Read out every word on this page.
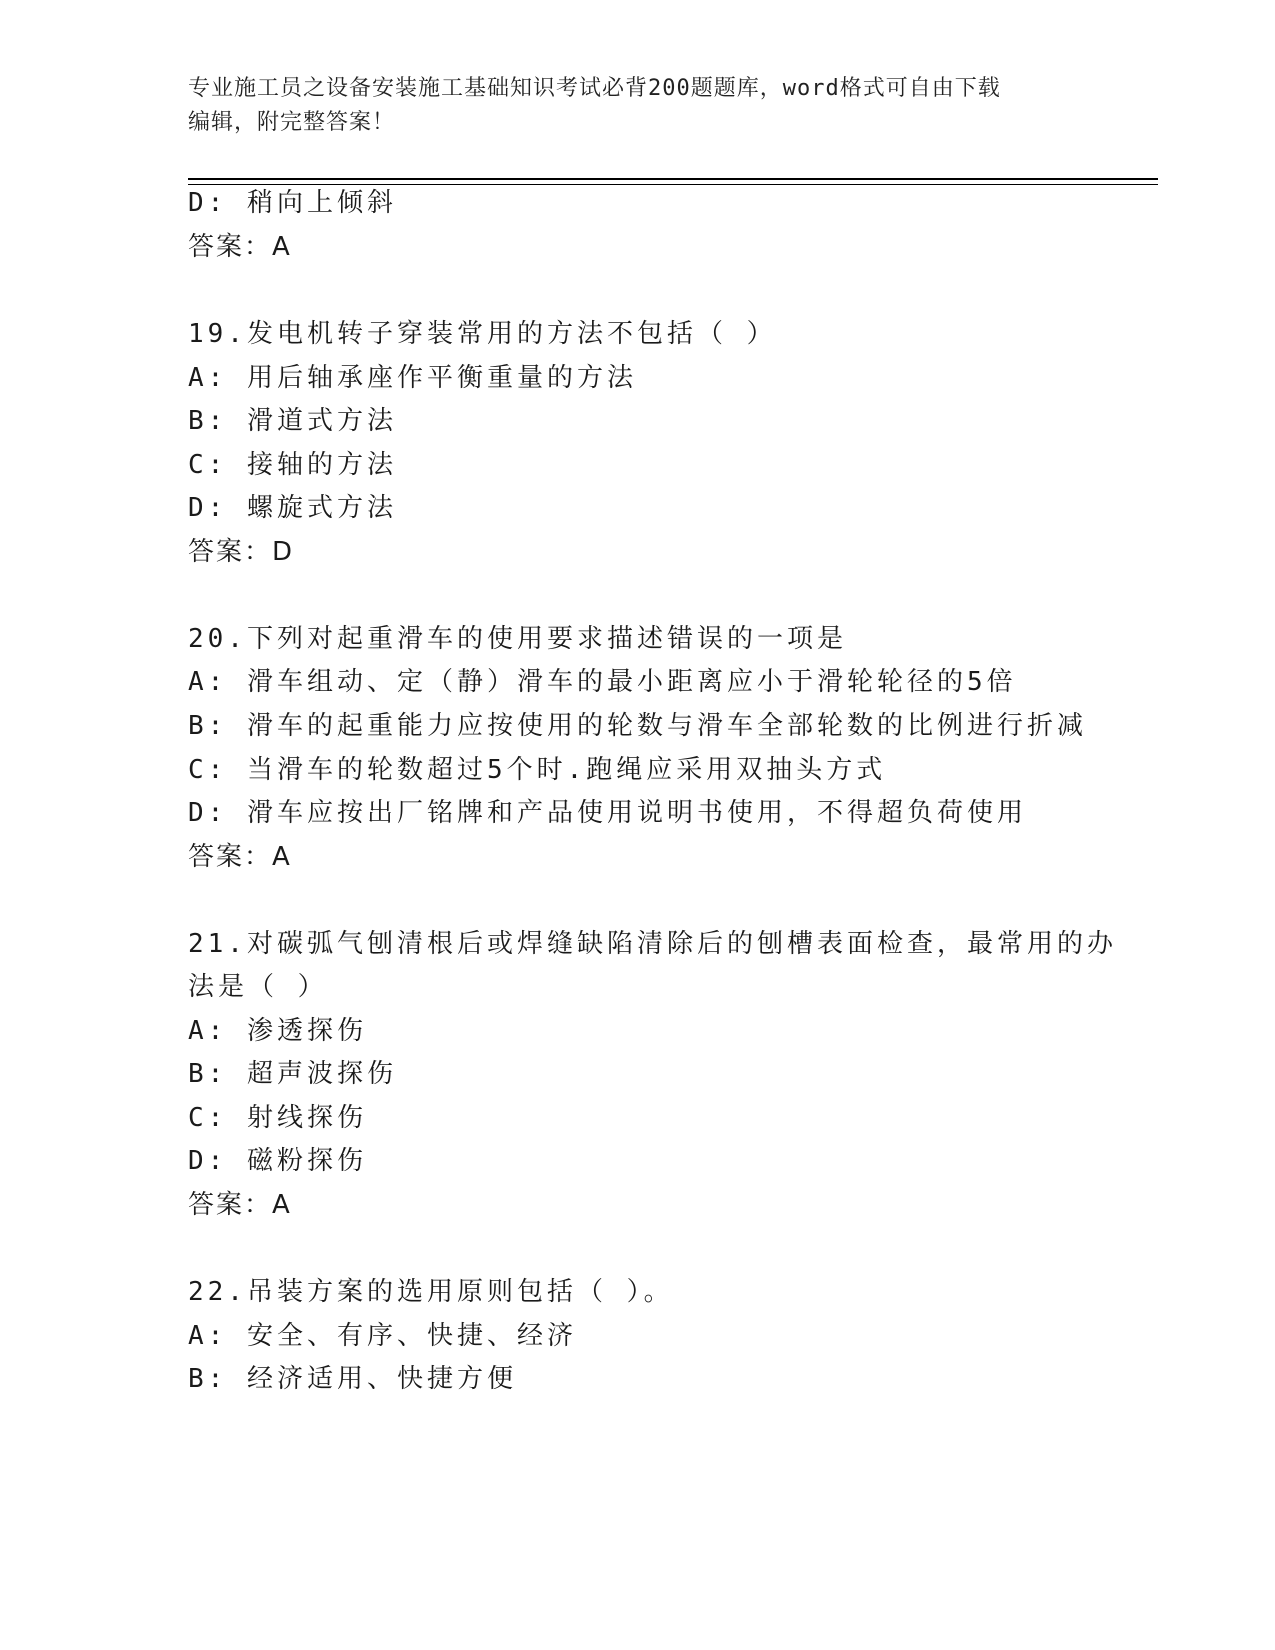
专业施工员之设备安装施工基础知识考试必背200题题库，word格式可自由下载
编辑，附完整答案！
D: 稍向上倾斜
答案：A
19.发电机转子穿装常用的方法不包括（ ）
A: 用后轴承座作平衡重量的方法
B: 滑道式方法
C: 接轴的方法
D: 螺旋式方法
答案：D
20.下列对起重滑车的使用要求描述错误的一项是
A: 滑车组动、定（静）滑车的最小距离应小于滑轮轮径的5倍
B: 滑车的起重能力应按使用的轮数与滑车全部轮数的比例进行折减
C: 当滑车的轮数超过5个时.跑绳应采用双抽头方式
D: 滑车应按出厂铭牌和产品使用说明书使用，不得超负荷使用
答案：A
21.对碳弧气刨清根后或焊缝缺陷清除后的刨槽表面检查，最常用的办
法是（ ）
A: 渗透探伤
B: 超声波探伤
C: 射线探伤
D: 磁粉探伤
答案：A
22.吊装方案的选用原则包括（ ）。
A: 安全、有序、快捷、经济
B: 经济适用、快捷方便
